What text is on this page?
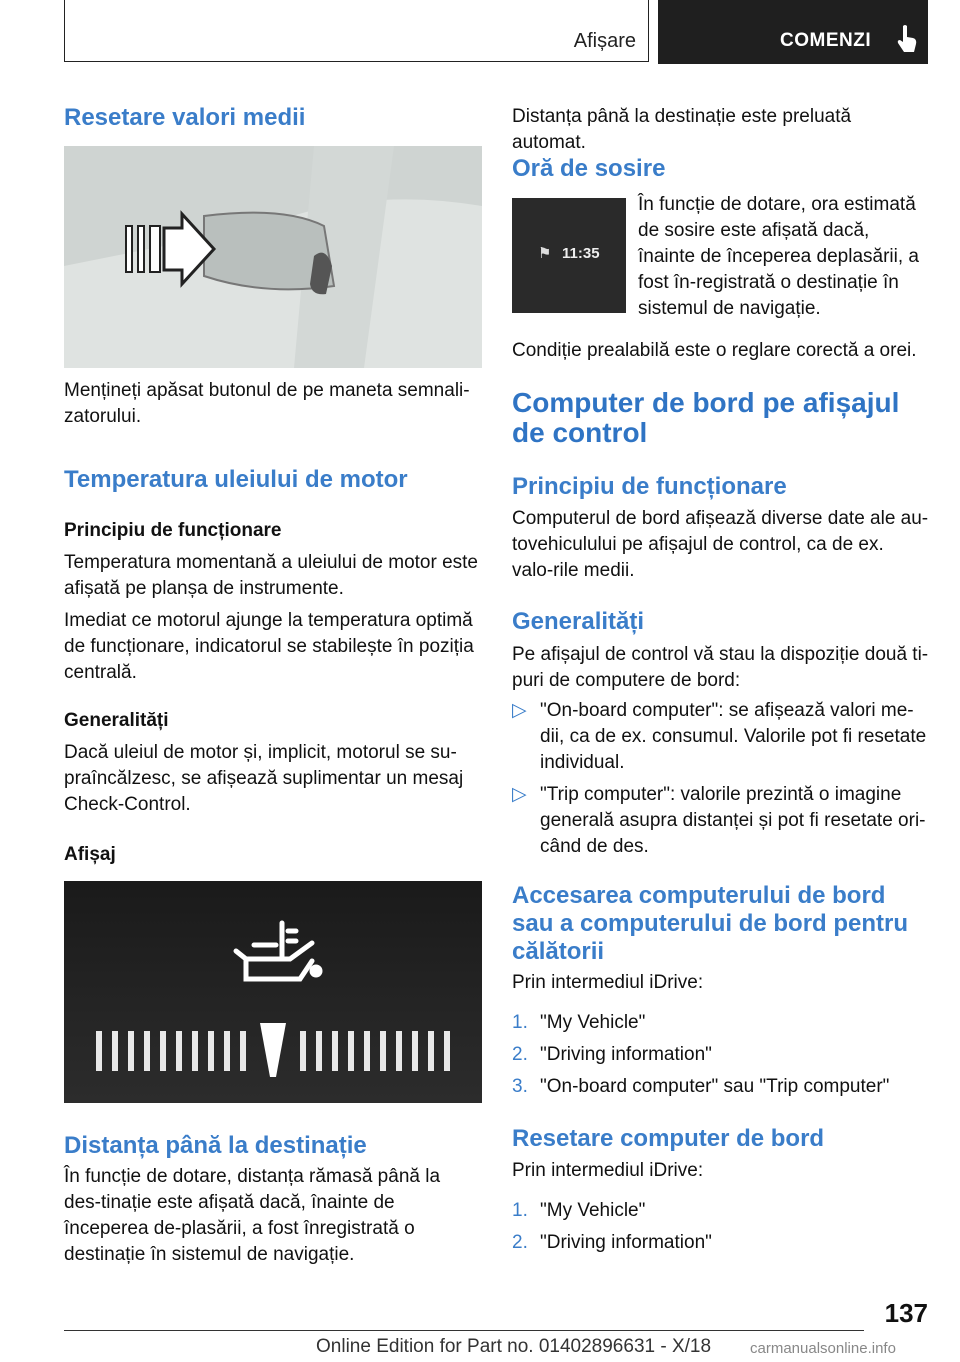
Afișare	COMENZI
Resetare valori medii

Mențineți apăsat butonul de pe maneta semnali-zatorului.

Temperatura uleiului de motor
Principiu de funcționare

Temperatura momentană a uleiului de motor este afișată pe planșa de instrumente.

Imediat ce motorul ajunge la temperatura optimă de funcționare, indicatorul se stabilește în poziția centrală.

Generalități

Dacă uleiul de motor și, implicit, motorul se su-praîncălzesc, se afișează suplimentar un mesaj Check-Control.

Afișaj
Distanța până la destinație

În funcție de dotare, distanța rămasă până la des-tinație este afișată dacă, înainte de începerea de-plasării, a fost înregistrată o destinație în sistemul de navigație.

Distanța până la destinație este preluată automat.

Oră de sosire
⚑ 11:35

În funcție de dotare, ora estimată de sosire este afișată dacă, înainte de începerea deplasării, a fost în-registrată o destinație în sistemul de navigație.

Condiție prealabilă este o reglare corectă a orei.

Computer de bord pe afișajul de control
Principiu de funcționare

Computerul de bord afișează diverse date ale au-tovehiculului pe afișajul de control, ca de ex. valo-rile medii.

Generalități

Pe afișajul de control vă stau la dispoziție două ti-puri de computere de bord:

▷ "On-board computer": se afișează valori me-dii, ca de ex. consumul. Valorile pot fi resetate individual.
▷ "Trip computer": valorile prezintă o imagine generală asupra distanței și pot fi resetate ori-când de des.
Accesarea computerului de bord sau a computerului de bord pentru călătorii

Prin intermediul iDrive:

1. "My Vehicle"
2. "Driving information"
3. "On-board computer" sau "Trip computer"
Resetare computer de bord

Prin intermediul iDrive:

1. "My Vehicle"
2. "Driving information"
137
Online Edition for Part no. 01402896631 - X/18	carmanualsonline.info
